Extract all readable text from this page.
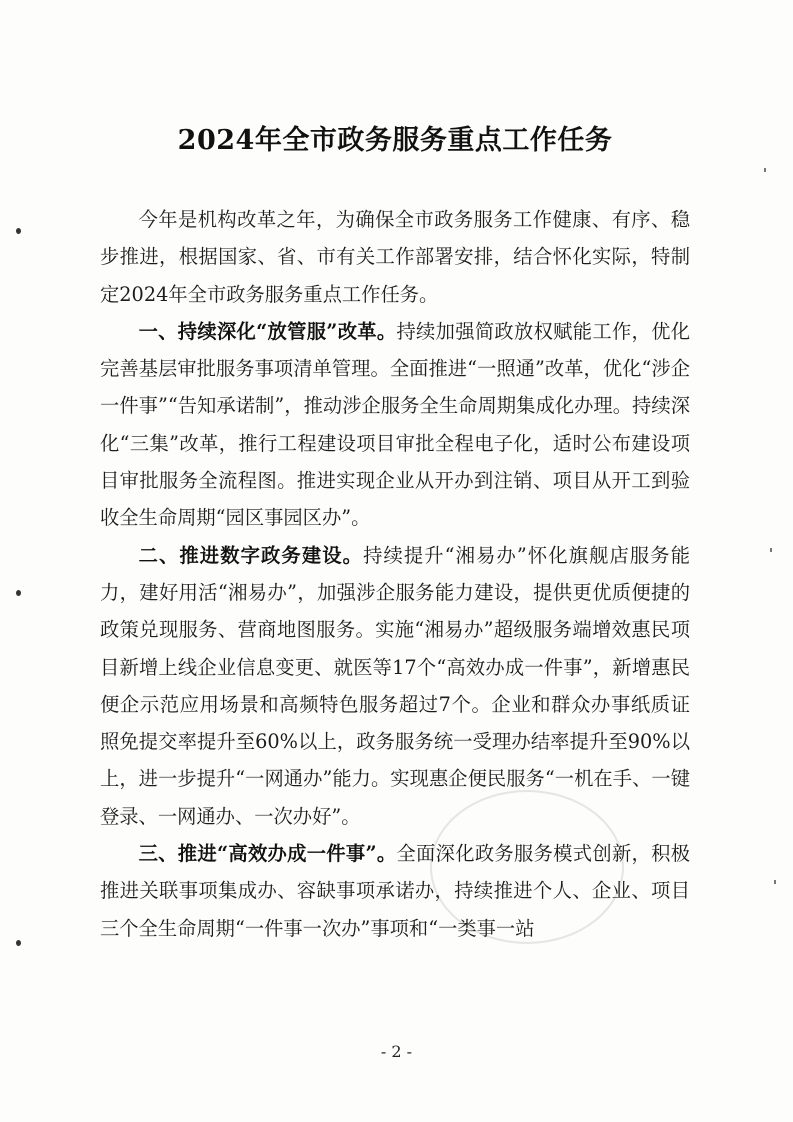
2024年全市政务服务重点工作任务

今年是机构改革之年，为确保全市政务服务工作健康、有序、稳步推进，根据国家、省、市有关工作部署安排，结合怀化实际，特制定2024年全市政务服务重点工作任务。

一、持续深化“放管服”改革。持续加强简政放权赋能工作，优化完善基层审批服务事项清单管理。全面推进“一照通”改革，优化“涉企一件事”“告知承诺制”，推动涉企服务全生命周期集成化办理。持续深化“三集”改革，推行工程建设项目审批全程电子化，适时公布建设项目审批服务全流程图。推进实现企业从开办到注销、项目从开工到验收全生命周期“园区事园区办”。

二、推进数字政务建设。持续提升“湘易办”怀化旗舰店服务能力，建好用活“湘易办”，加强涉企服务能力建设，提供更优质便捷的政策兑现服务、营商地图服务。实施“湘易办”超级服务端增效惠民项目新增上线企业信息变更、就医等17个“高效办成一件事”，新增惠民便企示范应用场景和高频特色服务超过7个。企业和群众办事纸质证照免提交率提升至60%以上，政务服务统一受理办结率提升至90%以上，进一步提升“一网通办”能力。实现惠企便民服务“一机在手、一键登录、一网通办、一次办好”。

三、推进“高效办成一件事”。全面深化政务服务模式创新，积极推进关联事项集成办、容缺事项承诺办，持续推进个人、企业、项目三个全生命周期“一件事一次办”事项和“一类事一站

- 2 -
